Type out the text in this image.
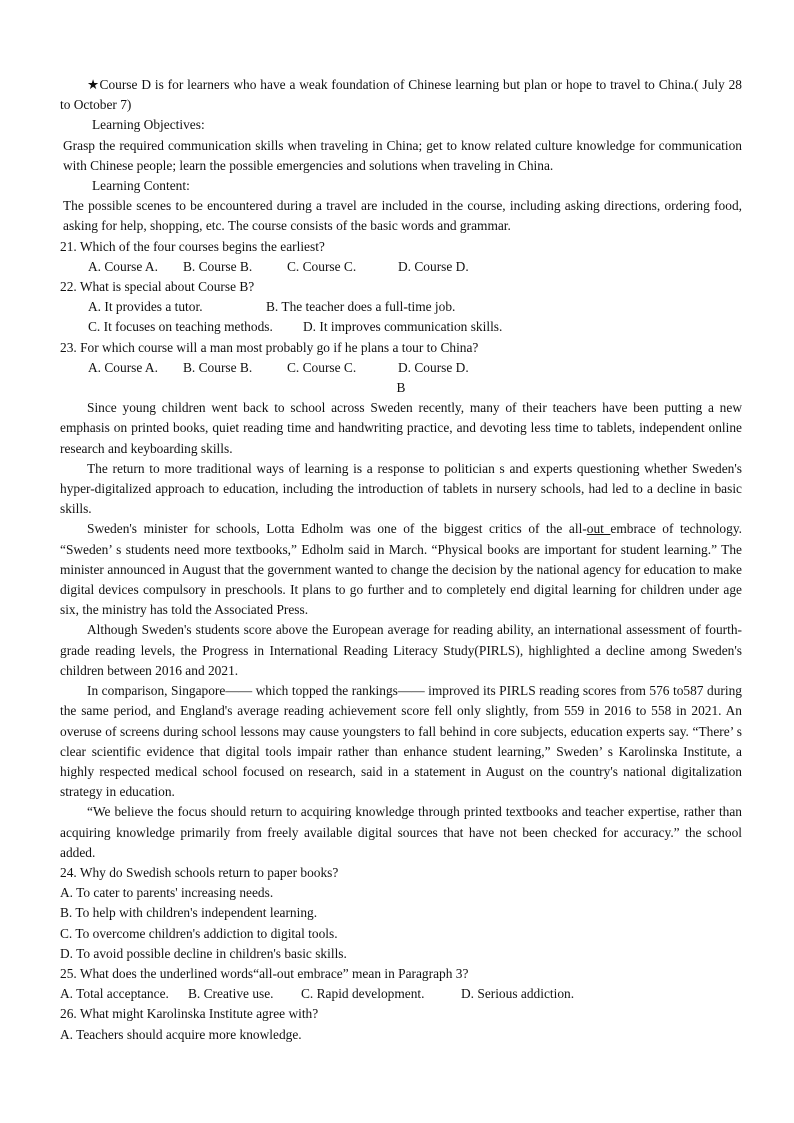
★Course D is for learners who have a weak foundation of Chinese learning but plan or hope to travel to China.( July 28 to October 7)

Learning Objectives:

Grasp the required communication skills when traveling in China; get to know related culture knowledge for communication with Chinese people; learn the possible emergencies and solutions when traveling in China.

Learning Content:

The possible scenes to be encountered during a travel are included in the course, including asking directions, ordering food, asking for help, shopping, etc. The course consists of the basic words and grammar.

21. Which of the four courses begins the earliest?

A. Course A. B. Course B.	C. Course C.	D. Course D.

22. What is special about Course B?

A. It provides a tutor.	B. The teacher does a full-time job.

C. It focuses on teaching methods. D. It improves communication skills.

23. For which course will a man most probably go if he plans a tour to China?

A. Course A. B. Course B.	C. Course C.	D. Course D.

B

Since young children went back to school across Sweden recently, many of their teachers have been putting a new emphasis on printed books, quiet reading time and handwriting practice, and devoting less time to tablets, independent online research and keyboarding skills.

The return to more traditional ways of learning is a response to politician s and experts questioning whether Sweden's hyper-digitalized approach to education, including the introduction of tablets in nursery schools, had led to a decline in basic skills.

Sweden's minister for schools, Lotta Edholm was one of the biggest critics of the all-out embrace of technology. “Sweden’ s students need more textbooks,” Edholm said in March. “Physical books are important for student learning.” The minister announced in August that the government wanted to change the decision by the national agency for education to make digital devices compulsory in preschools. It plans to go further and to completely end digital learning for children under age six, the ministry has told the Associated Press.

Although Sweden's students score above the European average for reading ability, an international assessment of fourth-grade reading levels, the Progress in International Reading Literacy Study(PIRLS), highlighted a decline among Sweden's children between 2016 and 2021.

In comparison, Singapore—— which topped the rankings—— improved its PIRLS reading scores from 576 to587 during the same period, and England's average reading achievement score fell only slightly, from 559 in 2016 to 558 in 2021. An overuse of screens during school lessons may cause youngsters to fall behind in core subjects, education experts say. “There’ s clear scientific evidence that digital tools impair rather than enhance student learning,” Sweden’ s Karolinska Institute, a highly respected medical school focused on research, said in a statement in August on the country's national digitalization strategy in education.

“We believe the focus should return to acquiring knowledge through printed textbooks and teacher expertise, rather than acquiring knowledge primarily from freely available digital sources that have not been checked for accuracy.” the school added.

24. Why do Swedish schools return to paper books?

A. To cater to parents' increasing needs.

B. To help with children's independent learning.

C. To overcome children's addiction to digital tools.

D. To avoid possible decline in children's basic skills.

25. What does the underlined words“all-out embrace” mean in Paragraph 3?

A. Total acceptance. B. Creative use. C. Rapid development.	D. Serious addiction.

26. What might Karolinska Institute agree with?

A. Teachers should acquire more knowledge.
